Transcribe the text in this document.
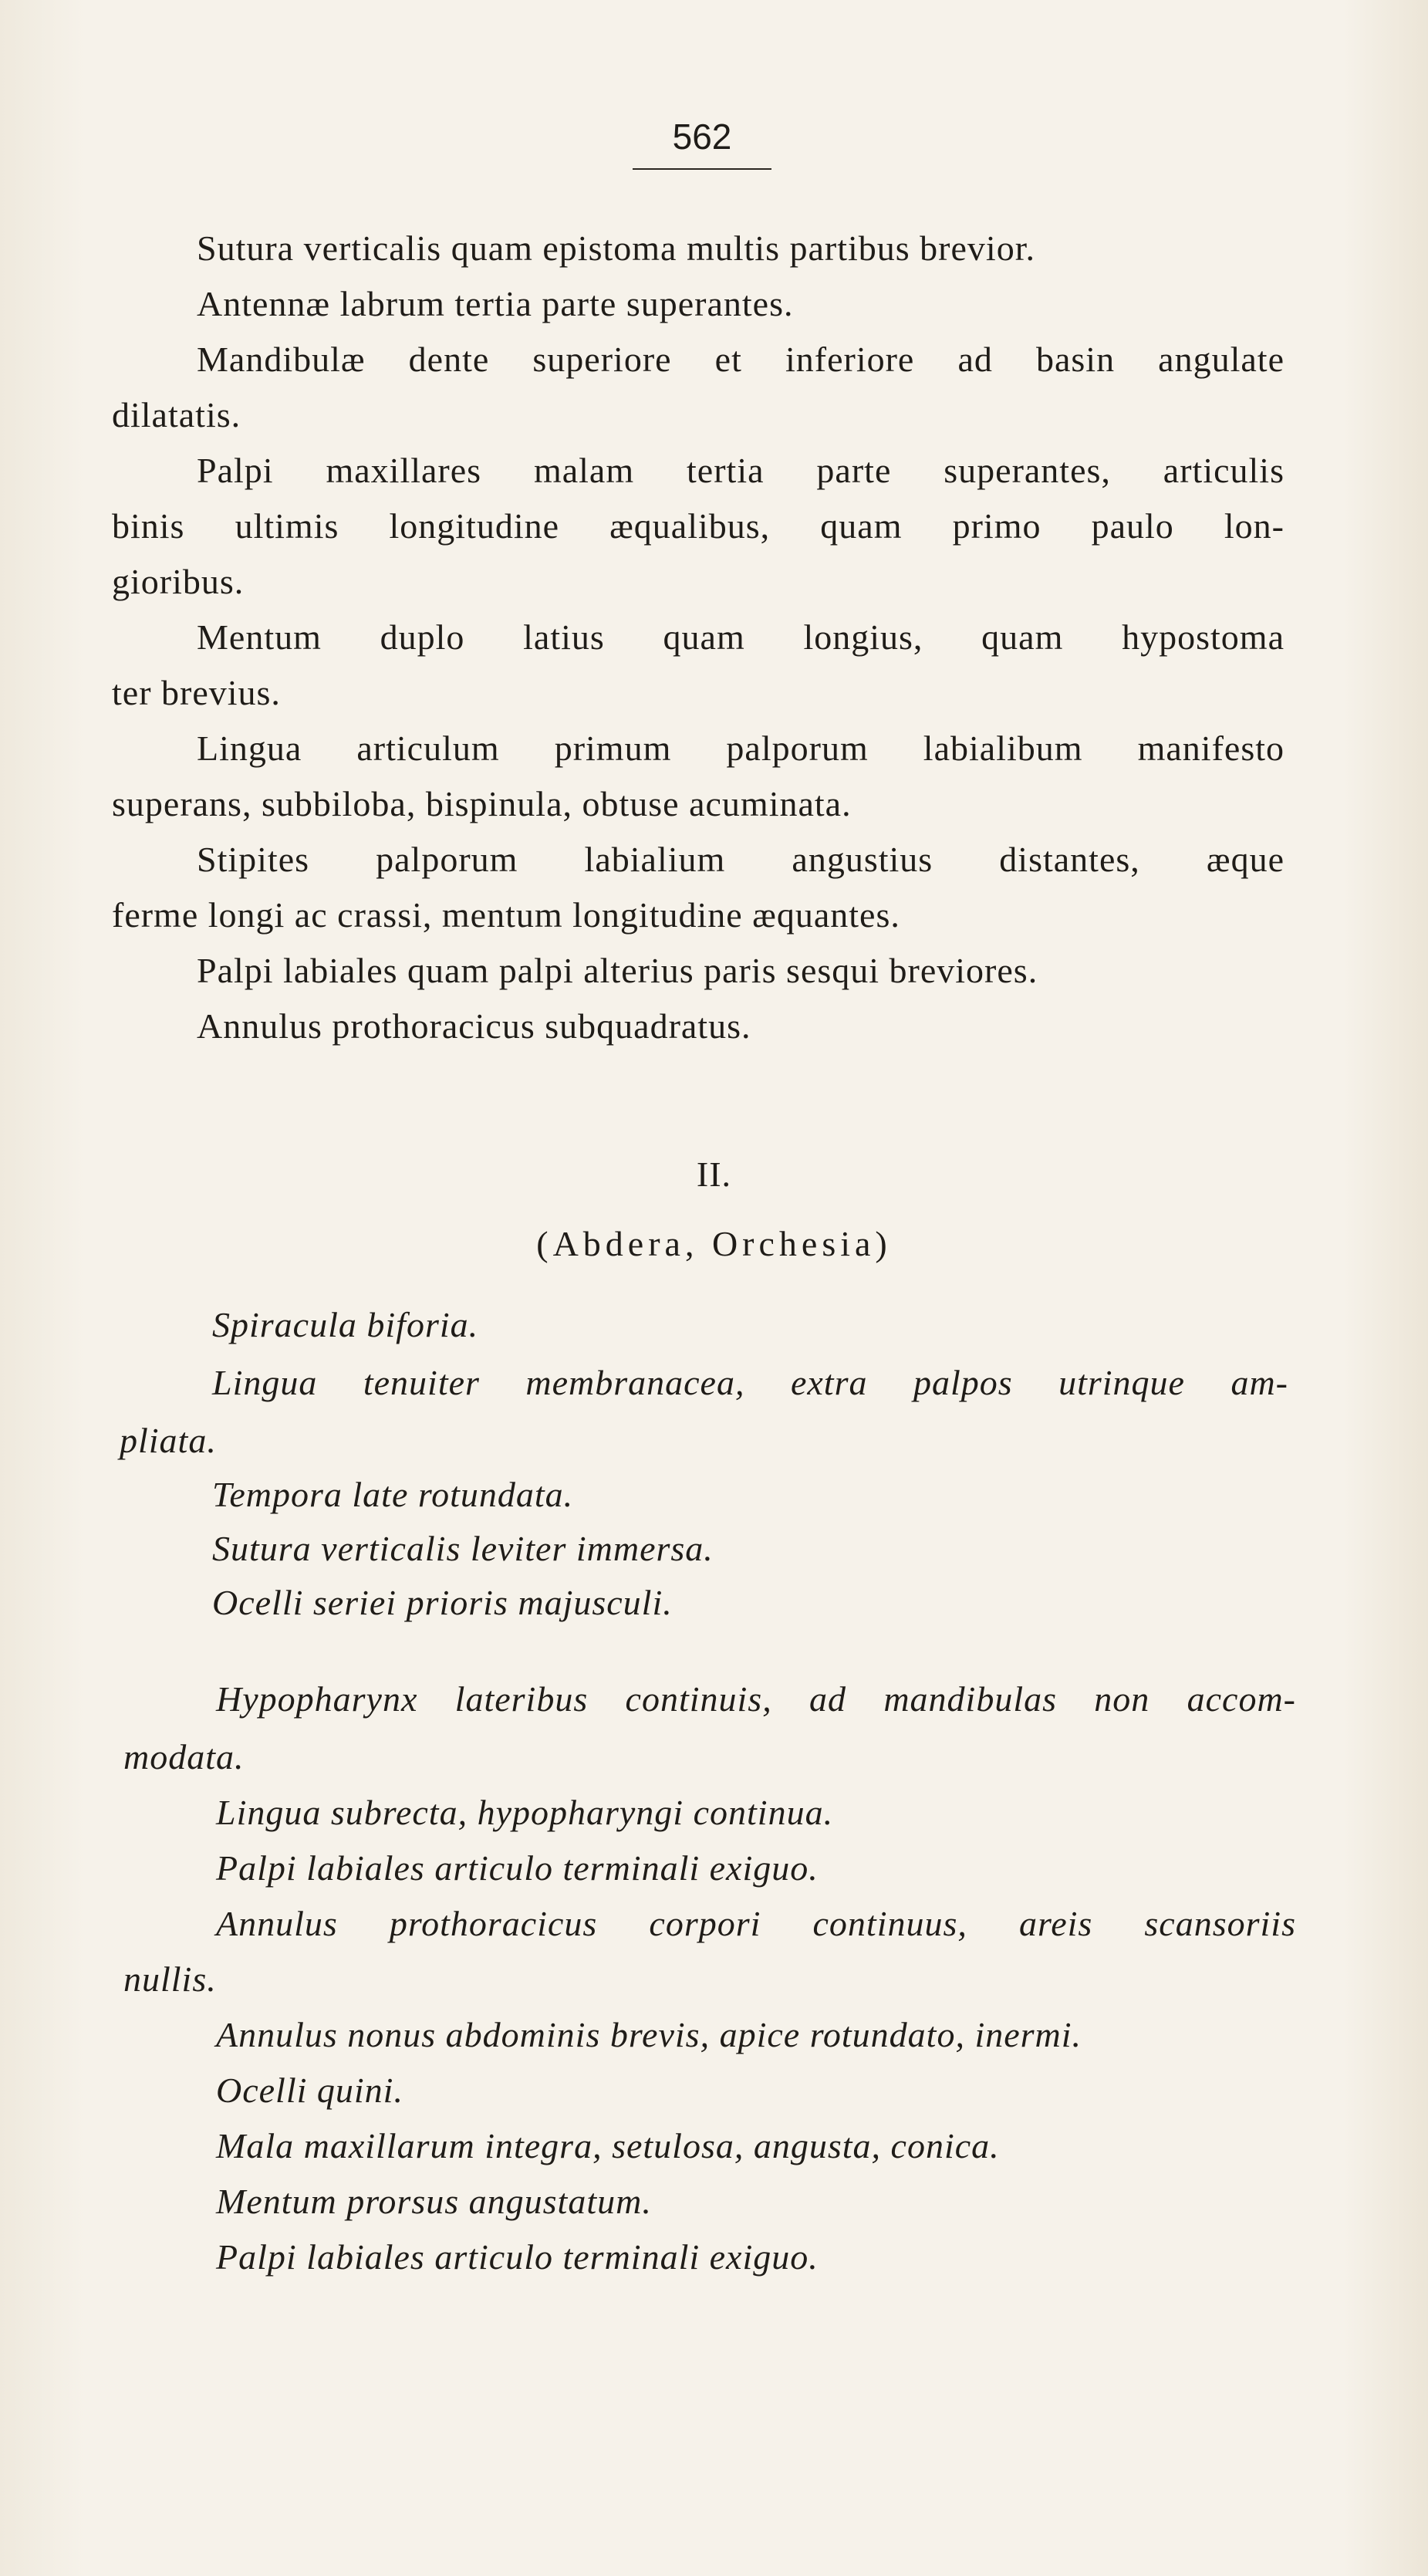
562
Sutura verticalis quam epistoma multis partibus brevior.
Antennæ labrum tertia parte superantes.
Mandibulæ dente superiore et inferiore ad basin angulate
dilatatis.
Palpi maxillares malam tertia parte superantes, articulis
binis ultimis longitudine æqualibus, quam primo paulo lon-
gioribus.
Mentum duplo latius quam longius, quam hypostoma
ter brevius.
Lingua articulum primum palporum labialibum manifesto
superans, subbiloba, bispinula, obtuse acuminata.
Stipites palporum labialium angustius distantes, æque
ferme longi ac crassi, mentum longitudine æquantes.
Palpi labiales quam palpi alterius paris sesqui breviores.
Annulus prothoracicus subquadratus.
II.
(Abdera, Orchesia)
Spiracula biforia.
Lingua tenuiter membranacea, extra palpos utrinque am-
pliata.
Tempora late rotundata.
Sutura verticalis leviter immersa.
Ocelli seriei prioris majusculi.
Hypopharynx lateribus continuis, ad mandibulas non accom-
modata.
Lingua subrecta, hypopharyngi continua.
Palpi labiales articulo terminali exiguo.
Annulus prothoracicus corpori continuus, areis scansoriis
nullis.
Annulus nonus abdominis brevis, apice rotundato, inermi.
Ocelli quini.
Mala maxillarum integra, setulosa, angusta, conica.
Mentum prorsus angustatum.
Palpi labiales articulo terminali exiguo.
